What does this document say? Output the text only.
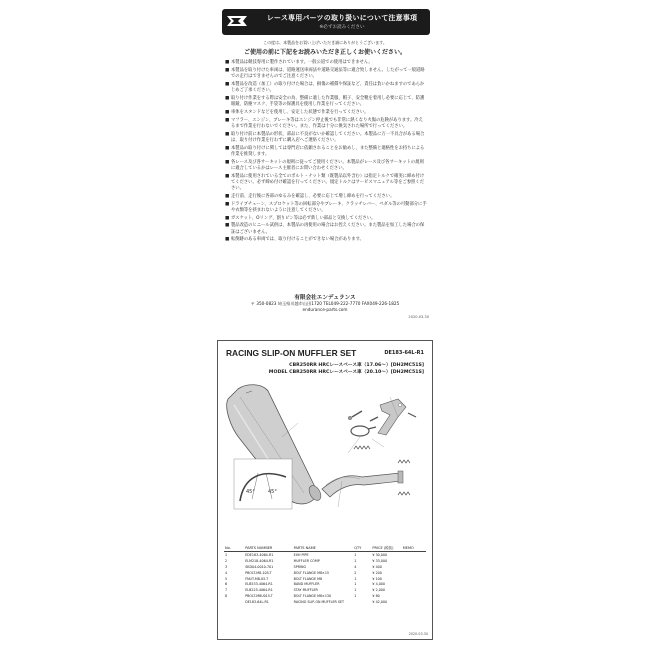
レース専用パーツの取り扱いについて注意事項
※必ずお読みください
この度は、本製品をお買い上げいただき誠にありがとうございます。
ご使用の前に下記をお読みいただき正しくお使いください。
■ 本製品は競技専用に製作されています。一般公道での使用はできません。
■ 本製品を取り付けた車両は、道路運送車両法や道路交通法等に適合致しません。したがって一般道路での走行はできませんのでご注意ください。
■ 本製品を改造（加工）の取り付けた場合は、損傷の補償や保証など、責任は負いかねますのであらかじめご了承ください。
■ 取り付け作業をする際は安全の為、整備に適した作業服、帽子、安全靴を着用し必要に応じて、防護眼鏡、防塵マスク、手袋等の保護具を使用し作業を行ってください。
■ 車体をスタンドなどを使用し、安定した状態で作業を行ってください。
■ マフラー、エンジン、ブレーキ等はエンジン停止後でも非常に熱くなり火傷の危険があります。冷えるまで作業を行わないでください。また、作業は十分に換気された場所で行ってください。
■ 取り付け前に本製品の形状、部品に不良がないか確認してください。本製品に万一不具合がある場合は、取り付け作業を行わずに購入店へご連絡ください。
■ 本製品の取り付けに関しては専門店に依頼されることをお勧めし、また整備と適格性をお持ちによる作業を推奨します。
■ 各レース及び各サーキットの規則に従ってご使用ください。本製品がレース及び各サーキットの規則に適合しているかはレース主催者にお問い合わせください。
■ 本製品に使用されている全てのボルト・ナット類（既製品以外含む）は指定トルクで確実に締め付けてください。必ず締め付け確認を行ってください。規定トルクはサービスマニュアル等をご参照ください。
■ 走行前、走行後に各部のゆるみを確認し、必要に応じて増し締めを行ってください。
■ ドライブチェーン、スプロケット等の回転部分やブレーキ、クラッチレバー、ペダル等の可動部分に手や衣類等を挟まれないように注意してください。
■ ガスケット、Oリング、割りピン等は必ず新しい部品と交換してください。
■ 製品改造のヒニール試供は、本製品の再使用の場合はお控えください。また製品を加工した場合の保証はございません。
■ 転倒跡のある車両では、取り付けることができない場合があります。
有限会社エンデュランス
〒 350-0823 埼玉県川越市山田1720 TEL049-222-7770 FAX049-226-1825
endurance-parts.com
2020.03.30
RACING SLIP-ON MUFFLER SET	DE183-64L-R1
CBR250RR HRCレースベース車（17.06～）[DH2MC51S]
MODEL CBR250RR HRCレースベース車（20.10～）[DH2MC51S]
45°	45°
No.	PARTS NUMBER	PARTS NAME	QTY	PRICE (税抜)	MEMO
1	EDE183-4064-R1	EXH PIPE	1	¥ 30,000	
2	ELM218-4064-R1	MUFFLER COMP	1	¥ 33,000	
3	SKD04-0010-701	SPRING	4	¥ 400	
4	PBOLT-M8-105-T	BOLT FLANGE M8×15	2	¥ 200	
5	FNUT-M8-05-T	BOLT FLANGE M8	1	¥ 100	
6	ELB533-4064-R1	BAND MUFFLER	1	¥ 4,000	
7	ELB225-4064-R1	STAY MUFFLER	1	¥ 2,000	
8	PBOLT-M8U015-T	BOLT FLANGE M8×130	1	¥ 80	
	DE183-64L-R1	RACING SLIP-ON MUFFLER SET		¥ 42,000	
2020.03.30
